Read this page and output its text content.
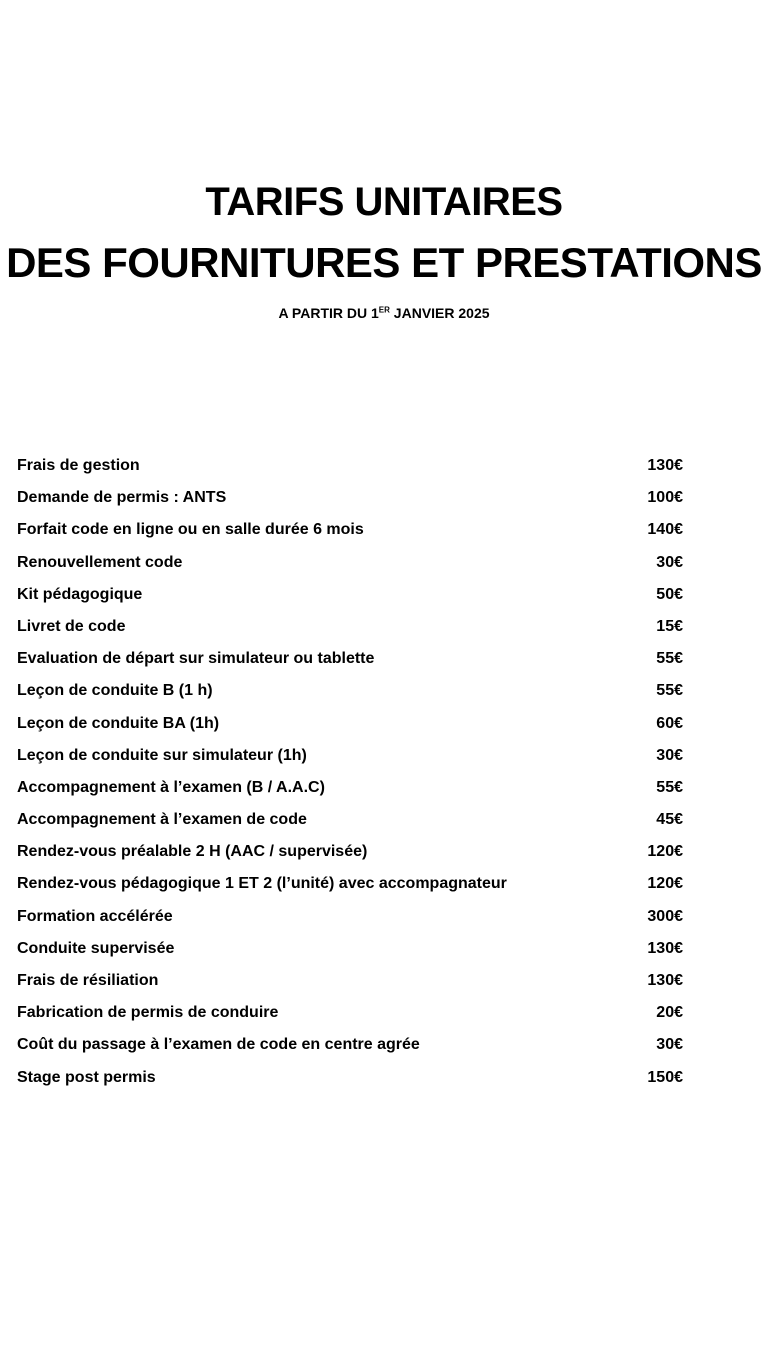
TARIFS UNITAIRES
DES FOURNITURES ET PRESTATIONS
A PARTIR DU 1ER JANVIER 2025
Frais de gestion	130€
Demande de permis : ANTS	100€
Forfait code en ligne ou en salle durée 6 mois	140€
Renouvellement code	30€
Kit pédagogique	50€
Livret de code	15€
Evaluation de départ sur simulateur ou tablette	55€
Leçon de conduite B (1 h)	55€
Leçon de conduite BA (1h)	60€
Leçon de conduite sur simulateur (1h)	30€
Accompagnement à l’examen (B / A.A.C)	55€
Accompagnement à l’examen de code	45€
Rendez-vous préalable 2 H (AAC / supervisée)	120€
Rendez-vous pédagogique 1 ET 2 (l’unité) avec accompagnateur	120€
Formation accélérée	300€
Conduite supervisée	130€
Frais de résiliation	130€
Fabrication de permis de conduire	20€
Coût du passage à l’examen de code en centre agrée	30€
Stage post permis	150€
